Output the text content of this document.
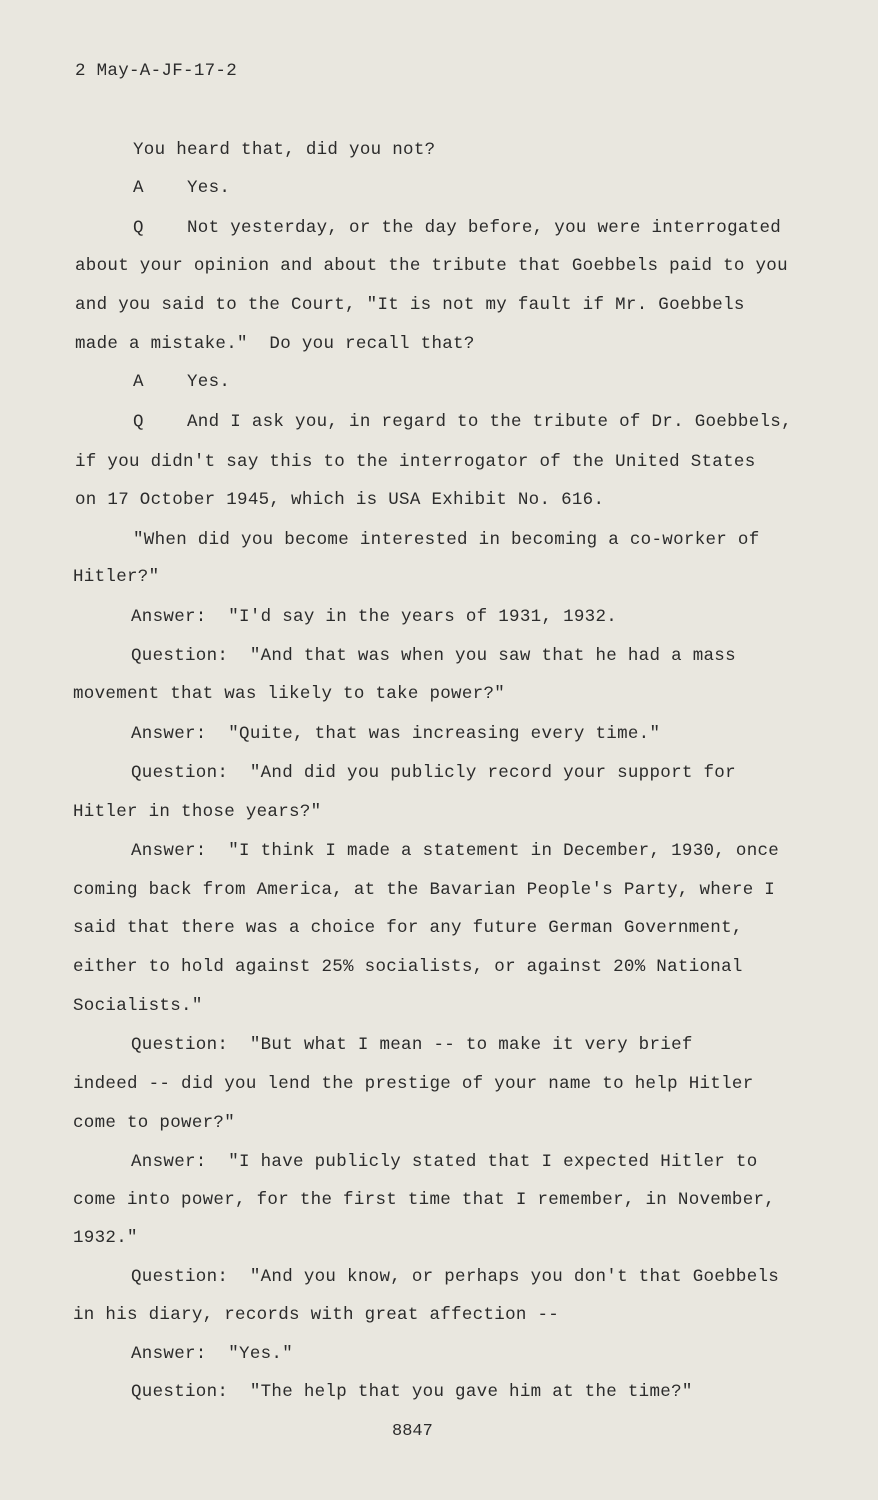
2 May-A-JF-17-2
You heard that, did you not?
A    Yes.
Q    Not yesterday, or the day before, you were interrogated
about your opinion and about the tribute that Goebbels paid to you
and you said to the Court, "It is not my fault if Mr. Goebbels
made a mistake."  Do you recall that?
A    Yes.
Q    And I ask you, in regard to the tribute of Dr. Goebbels,
if you didn't say this to the interrogator of the United States
on 17 October 1945, which is USA Exhibit No. 616.
"When did you become interested in becoming a co-worker of
Hitler?"
Answer:  "I'd say in the years of 1931, 1932.
Question:  "And that was when you saw that he had a mass
movement that was likely to take power?"
Answer:  "Quite, that was increasing every time."
Question:  "And did you publicly record your support for
Hitler in those years?"
Answer:  "I think I made a statement in December, 1930, once
coming back from America, at the Bavarian People's Party, where I
said that there was a choice for any future German Government,
either to hold against 25% socialists, or against 20% National
Socialists."
Question:  "But what I mean -- to make it very brief
indeed -- did you lend the prestige of your name to help Hitler
come to power?"
Answer:  "I have publicly stated that I expected Hitler to
come into power, for the first time that I remember, in November,
1932."
Question:  "And you know, or perhaps you don't that Goebbels
in his diary, records with great affection --
Answer:  "Yes."
Question:  "The help that you gave him at the time?"
8847
